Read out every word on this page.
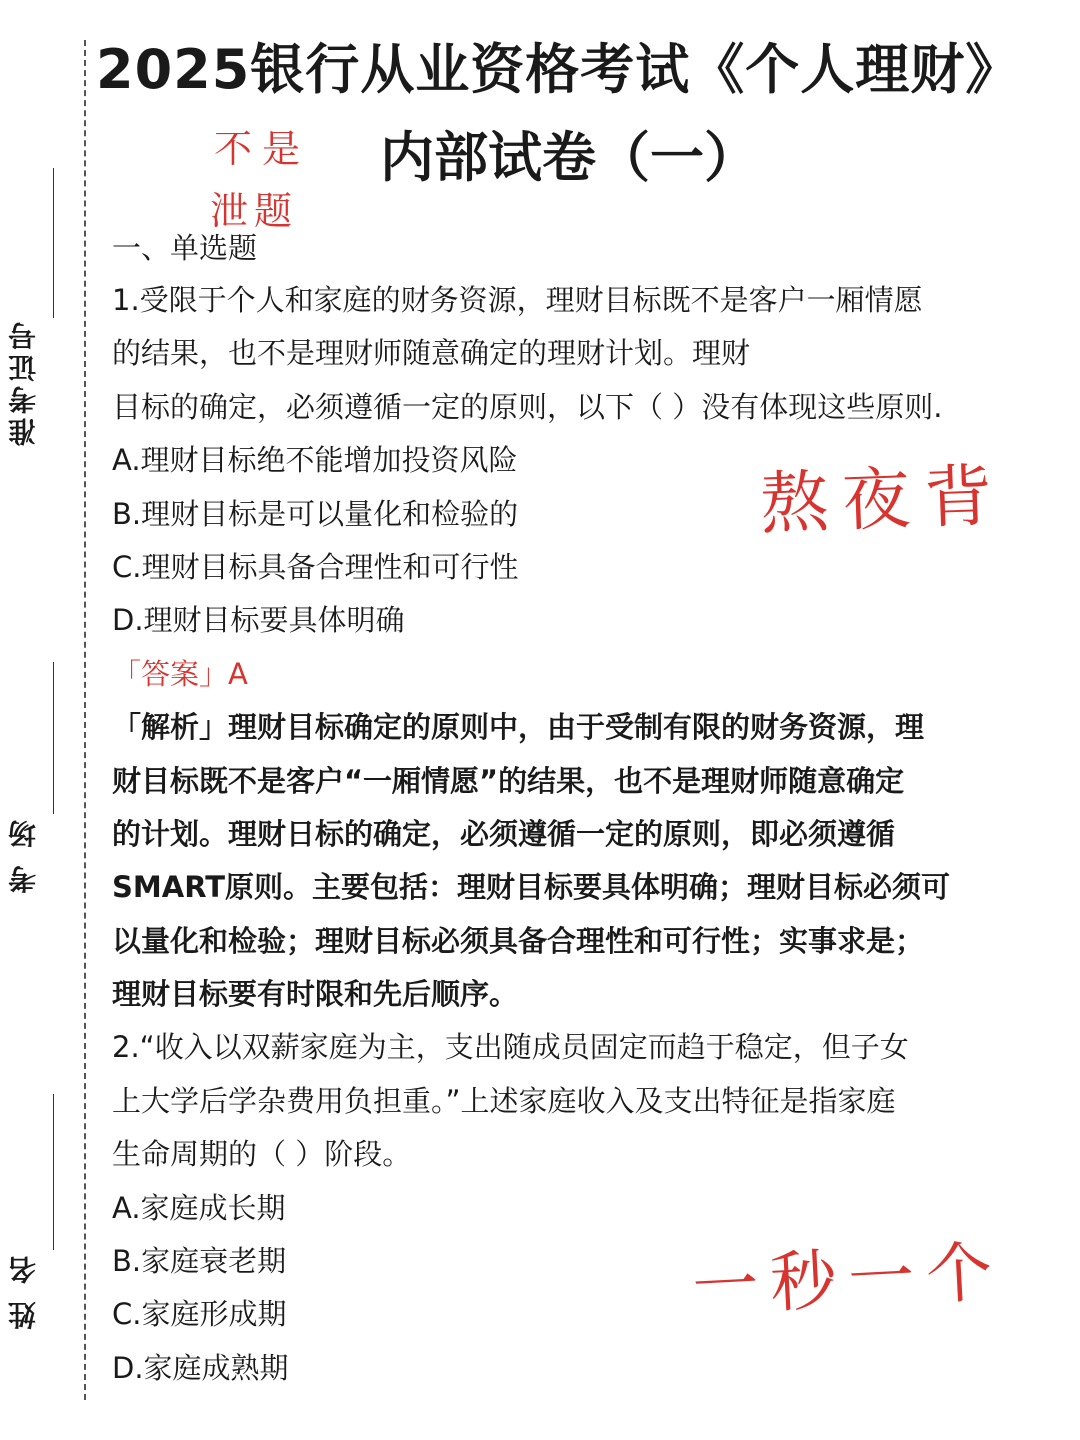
准考证号
考 场
姓 名
2025银行从业资格考试《个人理财》
内部试卷（一）
不是
泄题
熬夜背
一秒一个
一、单选题
1.受限于个人和家庭的财务资源，理财目标既不是客户一厢情愿
的结果，也不是理财师随意确定的理财计划。理财
目标的确定，必须遵循一定的原则，以下（ ）没有体现这些原则.
A.理财目标绝不能增加投资风险
B.理财目标是可以量化和检验的
C.理财目标具备合理性和可行性
D.理财目标要具体明确
「答案」A
「解析」理财目标确定的原则中，由于受制有限的财务资源，理
财目标既不是客户“一厢情愿”的结果，也不是理财师随意确定
的计划。理财日标的确定，必须遵循一定的原则，即必须遵循
SMART原则。主要包括：理财目标要具体明确；理财目标必须可
以量化和检验；理财目标必须具备合理性和可行性；实事求是；
理财目标要有时限和先后顺序。
2.“收入以双薪家庭为主，支出随成员固定而趋于稳定，但子女
上大学后学杂费用负担重。”上述家庭收入及支出特征是指家庭
生命周期的（ ）阶段。
A.家庭成长期
B.家庭衰老期
C.家庭形成期
D.家庭成熟期
